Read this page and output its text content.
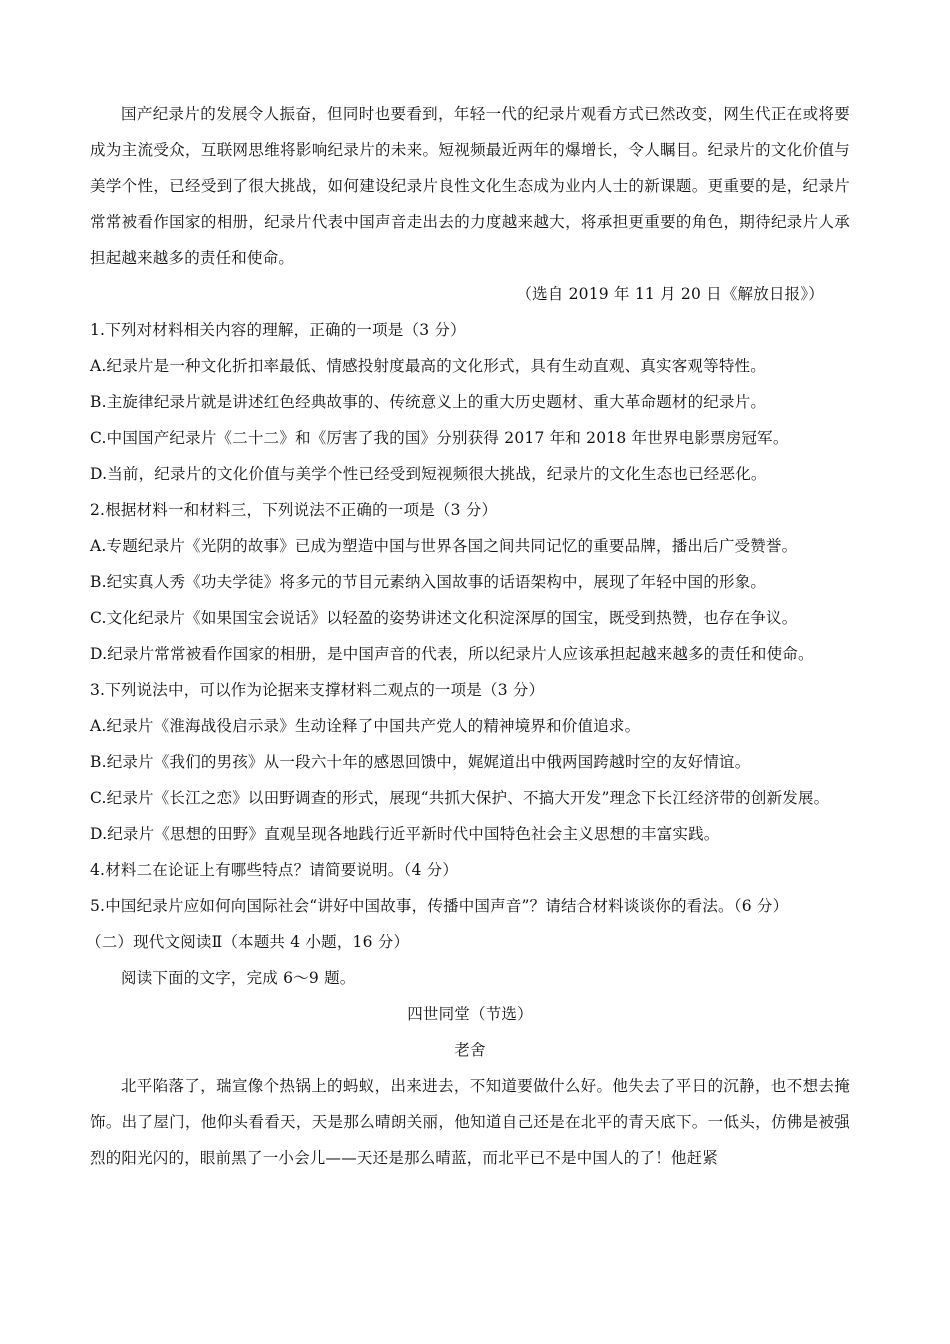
国产纪录片的发展令人振奋，但同时也要看到，年轻一代的纪录片观看方式已然改变，网生代正在或将要成为主流受众，互联网思维将影响纪录片的未来。短视频最近两年的爆增长，令人瞩目。纪录片的文化价值与美学个性，已经受到了很大挑战，如何建设纪录片良性文化生态成为业内人士的新课题。更重要的是，纪录片常常被看作国家的相册，纪录片代表中国声音走出去的力度越来越大，将承担更重要的角色，期待纪录片人承担起越来越多的责任和使命。

（选自 2019 年 11 月 20 日《解放日报》）
1.下列对材料相关内容的理解，正确的一项是（3 分）
A.纪录片是一种文化折扣率最低、情感投射度最高的文化形式，具有生动直观、真实客观等特性。
B.主旋律纪录片就是讲述红色经典故事的、传统意义上的重大历史题材、重大革命题材的纪录片。
C.中国国产纪录片《二十二》和《厉害了我的国》分别获得 2017 年和 2018 年世界电影票房冠军。
D.当前，纪录片的文化价值与美学个性已经受到短视频很大挑战，纪录片的文化生态也已经恶化。
2.根据材料一和材料三，下列说法不正确的一项是（3 分）
A.专题纪录片《光阴的故事》已成为塑造中国与世界各国之间共同记忆的重要品牌，播出后广受赞誉。
B.纪实真人秀《功夫学徒》将多元的节目元素纳入国故事的话语架构中，展现了年轻中国的形象。
C.文化纪录片《如果国宝会说话》以轻盈的姿势讲述文化积淀深厚的国宝，既受到热赞，也存在争议。
D.纪录片常常被看作国家的相册，是中国声音的代表，所以纪录片人应该承担起越来越多的责任和使命。
3.下列说法中，可以作为论据来支撑材料二观点的一项是（3 分）
A.纪录片《淮海战役启示录》生动诠释了中国共产党人的精神境界和价值追求。
B.纪录片《我们的男孩》从一段六十年的感恩回馈中，娓娓道出中俄两国跨越时空的友好情谊。
C.纪录片《长江之恋》以田野调查的形式，展现“共抓大保护、不搞大开发”理念下长江经济带的创新发展。
D.纪录片《思想的田野》直观呈现各地践行近平新时代中国特色社会主义思想的丰富实践。
4.材料二在论证上有哪些特点？请简要说明。（4 分）
5.中国纪录片应如何向国际社会“讲好中国故事，传播中国声音”？请结合材料谈谈你的看法。（6 分）
（二）现代文阅读Ⅱ（本题共 4 小题，16 分）
阅读下面的文字，完成 6～9 题。
四世同堂（节选）
老舍

北平陷落了，瑞宣像个热锅上的蚂蚁，出来进去，不知道要做什么好。他失去了平日的沉静，也不想去掩饰。出了屋门，他仰头看看天，天是那么晴朗关丽，他知道自己还是在北平的青天底下。一低头，仿佛是被强烈的阳光闪的，眼前黑了一小会儿——天还是那么晴蓝，而北平已不是中国人的了！他赶紧
